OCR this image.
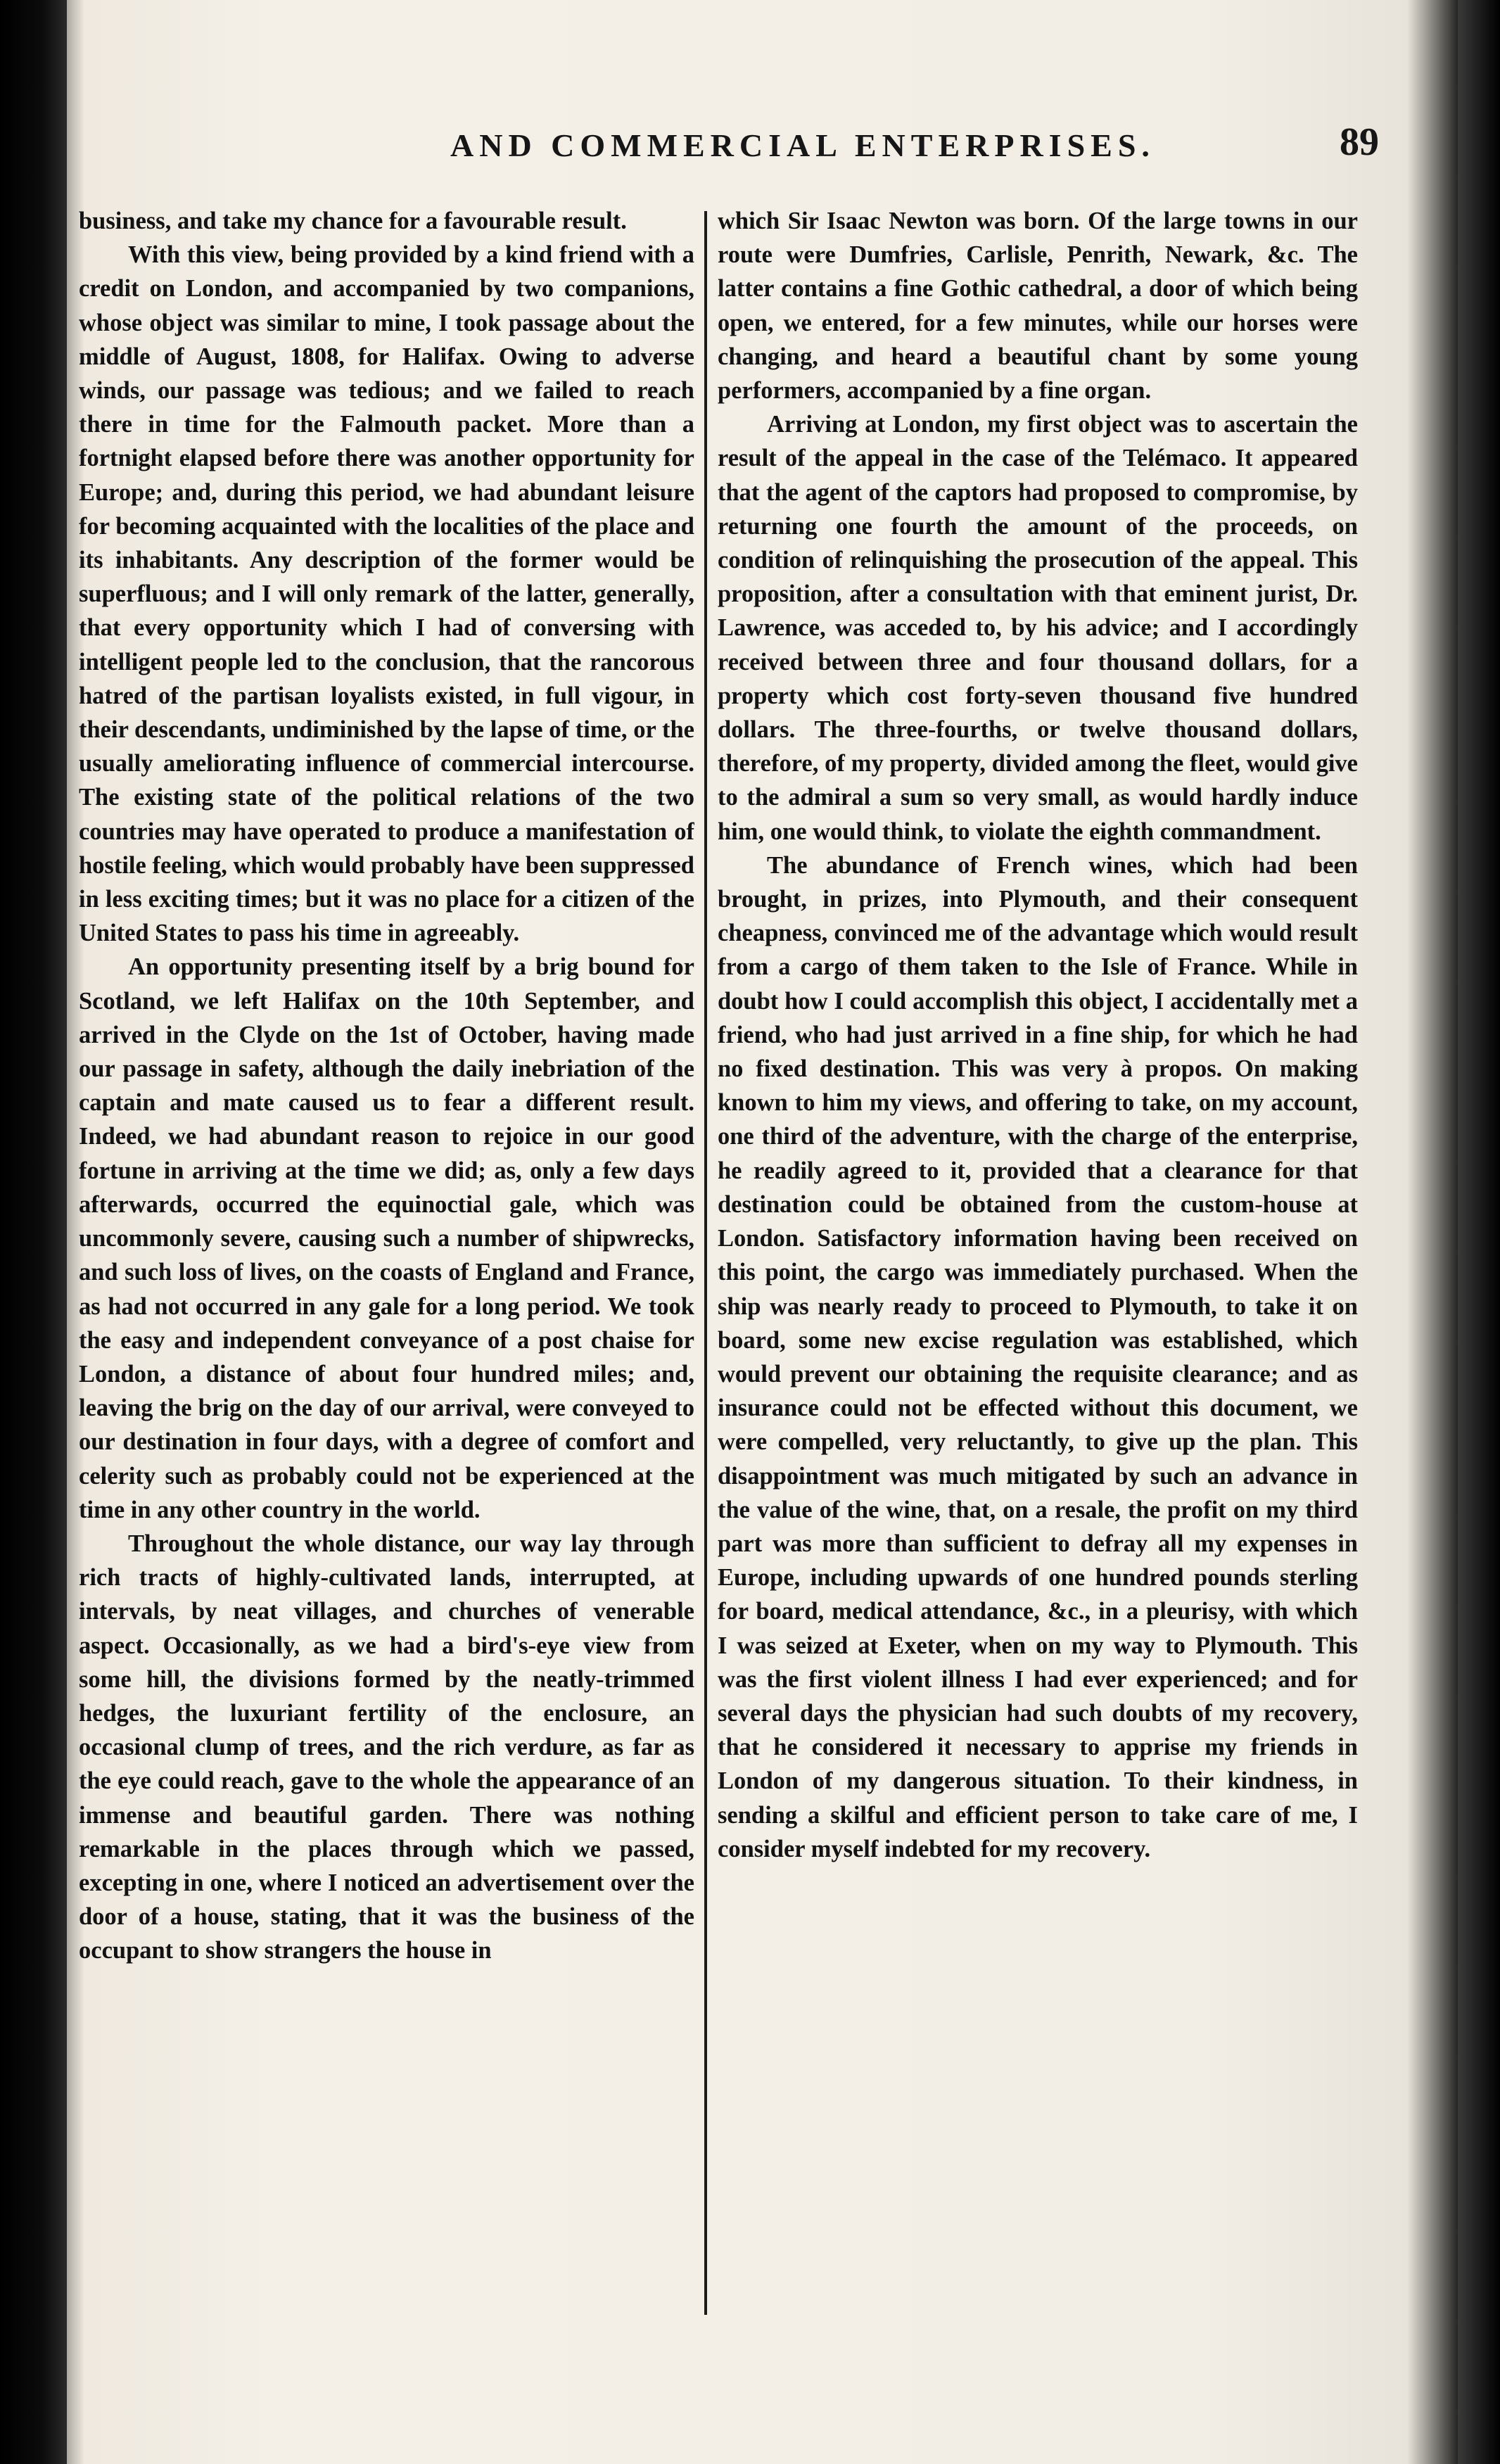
AND COMMERCIAL ENTERPRISES.	89

business, and take my chance for a favourable result.

With this view, being provided by a kind friend with a credit on London, and accompanied by two companions, whose object was similar to mine, I took passage about the middle of August, 1808, for Halifax. Owing to adverse winds, our passage was tedious; and we failed to reach there in time for the Falmouth packet. More than a fortnight elapsed before there was another opportunity for Europe; and, during this period, we had abundant leisure for becoming acquainted with the localities of the place and its inhabitants. Any description of the former would be superfluous; and I will only remark of the latter, generally, that every opportunity which I had of conversing with intelligent people led to the conclusion, that the rancorous hatred of the partisan loyalists existed, in full vigour, in their descendants, undiminished by the lapse of time, or the usually ameliorating influence of commercial intercourse. The existing state of the political relations of the two countries may have operated to produce a manifestation of hostile feeling, which would probably have been suppressed in less exciting times; but it was no place for a citizen of the United States to pass his time in agreeably.

An opportunity presenting itself by a brig bound for Scotland, we left Halifax on the 10th September, and arrived in the Clyde on the 1st of October, having made our passage in safety, although the daily inebriation of the captain and mate caused us to fear a different result. Indeed, we had abundant reason to rejoice in our good fortune in arriving at the time we did; as, only a few days afterwards, occurred the equinoctial gale, which was uncommonly severe, causing such a number of shipwrecks, and such loss of lives, on the coasts of England and France, as had not occurred in any gale for a long period. We took the easy and independent conveyance of a post chaise for London, a distance of about four hundred miles; and, leaving the brig on the day of our arrival, were conveyed to our destination in four days, with a degree of comfort and celerity such as probably could not be experienced at the time in any other country in the world.

Throughout the whole distance, our way lay through rich tracts of highly-cultivated lands, interrupted, at intervals, by neat villages, and churches of venerable aspect. Occasionally, as we had a bird's-eye view from some hill, the divisions formed by the neatly-trimmed hedges, the luxuriant fertility of the enclosure, an occasional clump of trees, and the rich verdure, as far as the eye could reach, gave to the whole the appearance of an immense and beautiful garden. There was nothing remarkable in the places through which we passed, excepting in one, where I noticed an advertisement over the door of a house, stating, that it was the business of the occupant to show strangers the house in

which Sir Isaac Newton was born. Of the large towns in our route were Dumfries, Carlisle, Penrith, Newark, &c. The latter contains a fine Gothic cathedral, a door of which being open, we entered, for a few minutes, while our horses were changing, and heard a beautiful chant by some young performers, accompanied by a fine organ.

Arriving at London, my first object was to ascertain the result of the appeal in the case of the Telémaco. It appeared that the agent of the captors had proposed to compromise, by returning one fourth the amount of the proceeds, on condition of relinquishing the prosecution of the appeal. This proposition, after a consultation with that eminent jurist, Dr. Lawrence, was acceded to, by his advice; and I accordingly received between three and four thousand dollars, for a property which cost forty-seven thousand five hundred dollars. The three-fourths, or twelve thousand dollars, therefore, of my property, divided among the fleet, would give to the admiral a sum so very small, as would hardly induce him, one would think, to violate the eighth commandment.

The abundance of French wines, which had been brought, in prizes, into Plymouth, and their consequent cheapness, convinced me of the advantage which would result from a cargo of them taken to the Isle of France. While in doubt how I could accomplish this object, I accidentally met a friend, who had just arrived in a fine ship, for which he had no fixed destination. This was very à propos. On making known to him my views, and offering to take, on my account, one third of the adventure, with the charge of the enterprise, he readily agreed to it, provided that a clearance for that destination could be obtained from the custom-house at London. Satisfactory information having been received on this point, the cargo was immediately purchased. When the ship was nearly ready to proceed to Plymouth, to take it on board, some new excise regulation was established, which would prevent our obtaining the requisite clearance; and as insurance could not be effected without this document, we were compelled, very reluctantly, to give up the plan. This disappointment was much mitigated by such an advance in the value of the wine, that, on a resale, the profit on my third part was more than sufficient to defray all my expenses in Europe, including upwards of one hundred pounds sterling for board, medical attendance, &c., in a pleurisy, with which I was seized at Exeter, when on my way to Plymouth. This was the first violent illness I had ever experienced; and for several days the physician had such doubts of my recovery, that he considered it necessary to apprise my friends in London of my dangerous situation. To their kindness, in sending a skilful and efficient person to take care of me, I consider myself indebted for my recovery.
